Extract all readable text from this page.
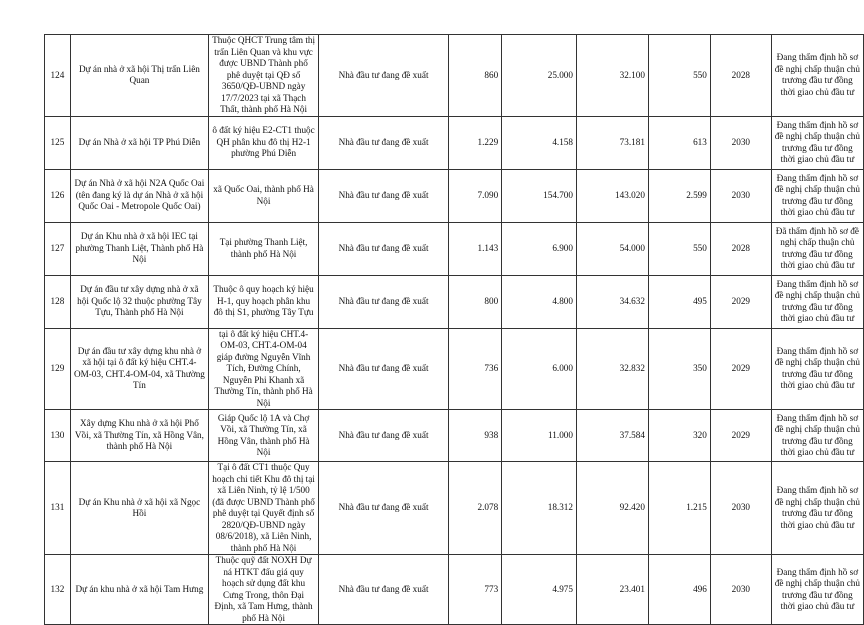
124	Dự án nhà ở xã hội Thị trấn Liên Quan	Thuộc QHCT Trung tâm thị trấn Liên Quan và khu vực được UBND Thành phố phê duyệt tại QĐ số 3650/QĐ-UBND ngày 17/7/2023 tại xã Thạch Thất, thành phố Hà Nội	Nhà đầu tư đang đề xuất	860	25.000	32.100	550	2028	Đang thẩm định hồ sơ đề nghị chấp thuận chủ trương đầu tư đồng thời giao chủ đầu tư
125	Dự án Nhà ở xã hội TP Phú Diễn	ô đất ký hiệu E2-CT1 thuộc QH phân khu đô thị H2-1 phường Phú Diễn	Nhà đầu tư đang đề xuất	1.229	4.158	73.181	613	2030	Đang thẩm định hồ sơ đề nghị chấp thuận chủ trương đầu tư đồng thời giao chủ đầu tư
126	Dự án Nhà ở xã hội N2A Quốc Oai (tên đang ký là dự án Nhà ở xã hội Quốc Oai - Metropole Quốc Oai)	xã Quốc Oai, thành phố Hà Nội	Nhà đầu tư đang đề xuất	7.090	154.700	143.020	2.599	2030	Đang thẩm định hồ sơ đề nghị chấp thuận chủ trương đầu tư đồng thời giao chủ đầu tư
127	Dự án Khu nhà ở xã hội IEC tại phường Thanh Liệt, Thành phố Hà Nội	Tại phường Thanh Liệt, thành phố Hà Nội	Nhà đầu tư đang đề xuất	1.143	6.900	54.000	550	2028	Đã thẩm định hồ sơ đề nghị chấp thuận chủ trương đầu tư đồng thời giao chủ đầu tư
128	Dự án đầu tư xây dựng nhà ở xã hội Quốc lộ 32 thuộc phường Tây Tựu, Thành phố Hà Nội	Thuộc ô quy hoạch ký hiệu H-1, quy hoạch phân khu đô thị S1, phường Tây Tựu	Nhà đầu tư đang đề xuất	800	4.800	34.632	495	2029	Đang thẩm định hồ sơ đề nghị chấp thuận chủ trương đầu tư đồng thời giao chủ đầu tư
129	Dự án đầu tư xây dựng khu nhà ở xã hội tại ô đất ký hiệu CHT.4-OM-03, CHT.4-OM-04, xã Thường Tín	tại ô đất ký hiệu CHT.4-OM-03, CHT.4-OM-04 giáp đường Nguyễn Vĩnh Tích, Đường Chính, Nguyễn Phi Khanh xã Thường Tín, thành phố Hà Nội	Nhà đầu tư đang đề xuất	736	6.000	32.832	350	2029	Đang thẩm định hồ sơ đề nghị chấp thuận chủ trương đầu tư đồng thời giao chủ đầu tư
130	Xây dựng Khu nhà ở xã hội Phố Vồi, xã Thường Tín, xã Hồng Vân, thành phố Hà Nội	Giáp Quốc lộ 1A và Chợ Vồi, xã Thường Tín, xã Hồng Vân, thành phố Hà Nội	Nhà đầu tư đang đề xuất	938	11.000	37.584	320	2029	Đang thẩm định hồ sơ đề nghị chấp thuận chủ trương đầu tư đồng thời giao chủ đầu tư
131	Dự án Khu nhà ở xã hội xã Ngọc Hồi	Tại ô đất CT1 thuộc Quy hoạch chi tiết Khu đô thị tại xã Liên Ninh, tỷ lệ 1/500 (đã được UBND Thành phố phê duyệt tại Quyết định số 2820/QĐ-UBND ngày 08/6/2018), xã Liên Ninh, thành phố Hà Nội	Nhà đầu tư đang đề xuất	2.078	18.312	92.420	1.215	2030	Đang thẩm định hồ sơ đề nghị chấp thuận chủ trương đầu tư đồng thời giao chủ đầu tư
132	Dự án khu nhà ở xã hội Tam Hưng	Thuộc quỹ đất NOXH Dự ná HTKT đấu giá quy hoạch sử dụng đất khu Cưng Trong, thôn Đại Định, xã Tam Hưng, thành phố Hà Nội	Nhà đầu tư đang đề xuất	773	4.975	23.401	496	2030	Đang thẩm định hồ sơ đề nghị chấp thuận chủ trương đầu tư đồng thời giao chủ đầu tư
